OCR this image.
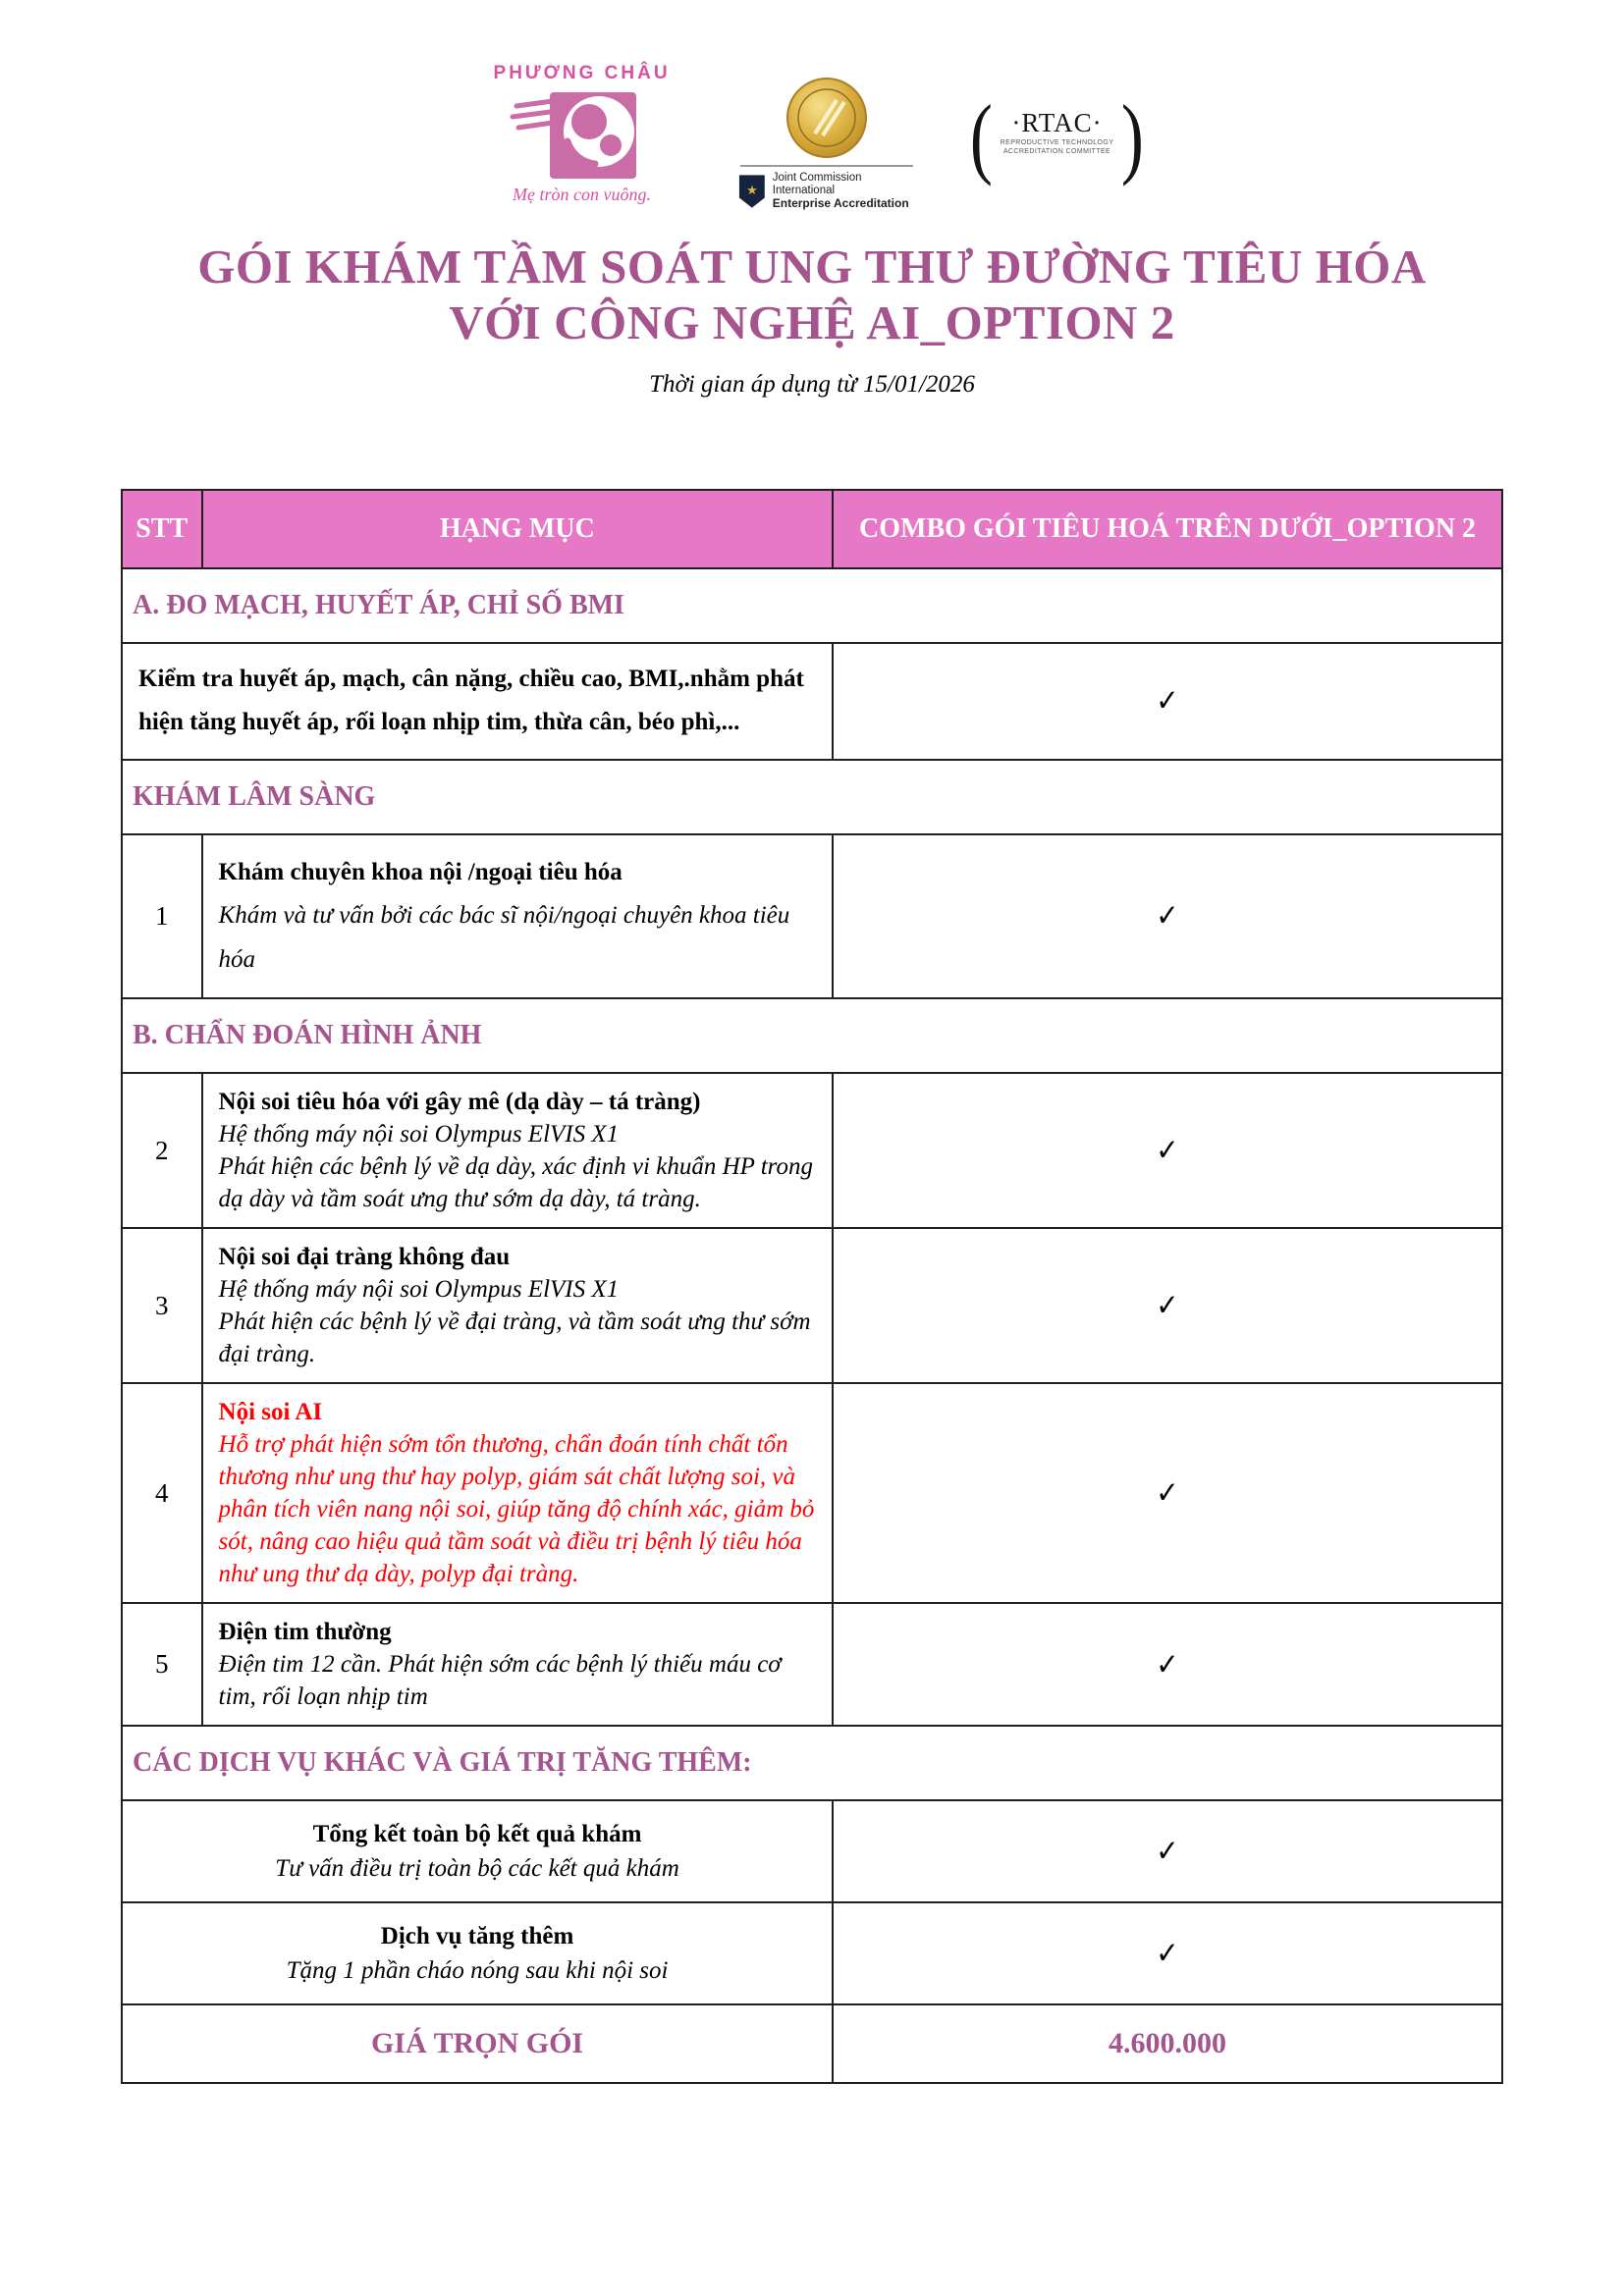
PHƯƠNG CHÂU
Mẹ tròn con vuông.	★
Joint Commission International
Enterprise Accreditation
( ·RTAC·
REPRODUCTIVE TECHNOLOGY
ACCREDITATION COMMITTEE )
GÓI KHÁM TẦM SOÁT UNG THƯ ĐƯỜNG TIÊU HÓA
VỚI CÔNG NGHỆ AI_OPTION 2

Thời gian áp dụng từ 15/01/2026

STT	HẠNG MỤC	COMBO GÓI TIÊU HOÁ TRÊN DƯỚI_OPTION 2
A. ĐO MẠCH, HUYẾT ÁP, CHỈ SỐ BMI		

Kiểm tra huyết áp, mạch, cân nặng, chiều cao, BMI,.nhằm phát hiện tăng huyết áp, rối loạn nhịp tim, thừa cân, béo phì,...		✓
KHÁM LÂM SÀNG		
1	Khám chuyên khoa nội /ngoại tiêu hóa
Khám và tư vấn bởi các bác sĩ nội/ngoại chuyên khoa tiêu hóa	✓
B. CHẨN ĐOÁN HÌNH ẢNH		
2	Nội soi tiêu hóa với gây mê (dạ dày – tá tràng)
Hệ thống máy nội soi Olympus ElVIS X1
Phát hiện các bệnh lý về dạ dày, xác định vi khuẩn HP trong dạ dày và tầm soát ưng thư sớm dạ dày, tá tràng.	✓
3	Nội soi đại tràng không đau
Hệ thống máy nội soi Olympus ElVIS X1
Phát hiện các bệnh lý về đại tràng, và tầm soát ưng thư sớm đại tràng.	✓
4	Nội soi AI
Hỗ trợ phát hiện sớm tổn thương, chẩn đoán tính chất tổn thương như ung thư hay polyp, giám sát chất lượng soi, và phân tích viên nang nội soi, giúp tăng độ chính xác, giảm bỏ sót, nâng cao hiệu quả tầm soát và điều trị bệnh lý tiêu hóa như ung thư dạ dày, polyp đại tràng.	✓
5	Điện tim thường
Điện tim 12 cần. Phát hiện sớm các bệnh lý thiếu máu cơ tim, rối loạn nhịp tim	✓
CÁC DỊCH VỤ KHÁC VÀ GIÁ TRỊ TĂNG THÊM:		

Tổng kết toàn bộ kết quả khám
Tư vấn điều trị toàn bộ các kết quả khám		✓

Dịch vụ tăng thêm
Tặng 1 phần cháo nóng sau khi nội soi		✓
GIÁ TRỌN GÓI		4.600.000
